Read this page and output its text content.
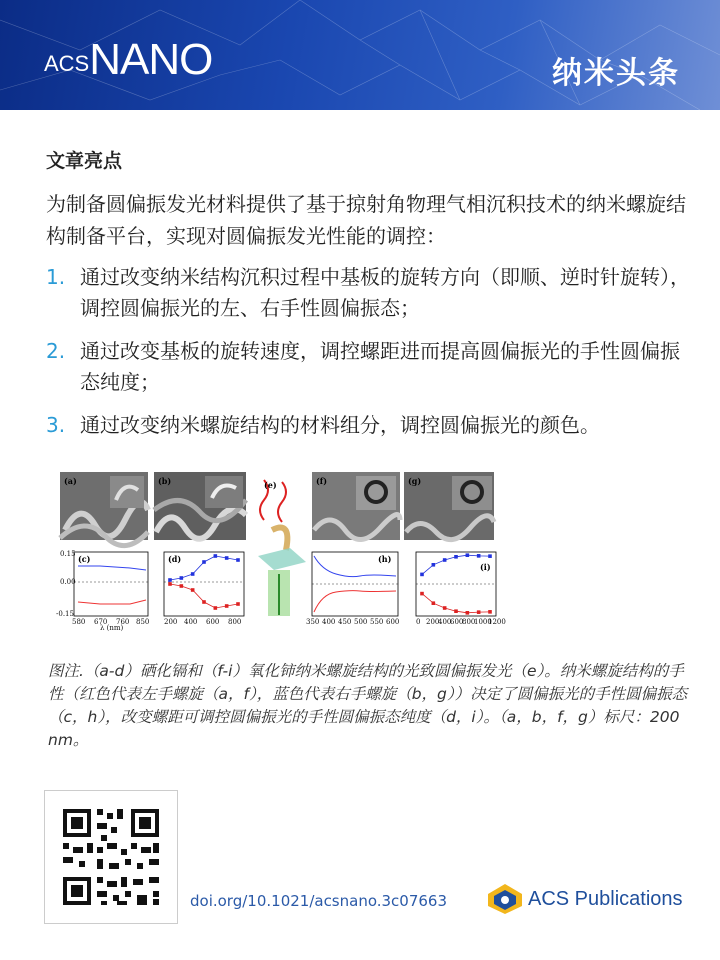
$^{ACS}$NANO	纳米头条
文章亮点
为制备圆偏振发光材料提供了基于掠射角物理气相沉积技术的纳米螺旋结构制备平台，实现对圆偏振发光性能的调控：
1. 通过改变纳米结构沉积过程中基板的旋转方向（即顺、逆时针旋转），调控圆偏振光的左、右手性圆偏振态；
2. 通过改变基板的旋转速度，调控螺距进而提高圆偏振光的手性圆偏振态纯度；
3. 通过改变纳米螺旋结构的材料组分，调控圆偏振光的颜色。
(a)	(b)	(e)	(f)	(g)
0.15
0.00
-0.15
580 670 760 850
λ (nm)
(c)
200 400 600 800
(d)
350 400 450 500 550 600
(h)
0 200
400
600
800
1000
1200
(i)
图注.（a-d）硒化镉和（f-i）氧化铈纳米螺旋结构的光致圆偏振发光（e）。纳米螺旋结构的手性（红色代表左手螺旋（a，f），蓝色代表右手螺旋（b，g））决定了圆偏振光的手性圆偏振态（c，h），改变螺距可调控圆偏振光的手性圆偏振态纯度（d，i）。（a，b，f，g）标尺：200 nm。
doi.org/10.1021/acsnano.3c07663	ACS Publications
